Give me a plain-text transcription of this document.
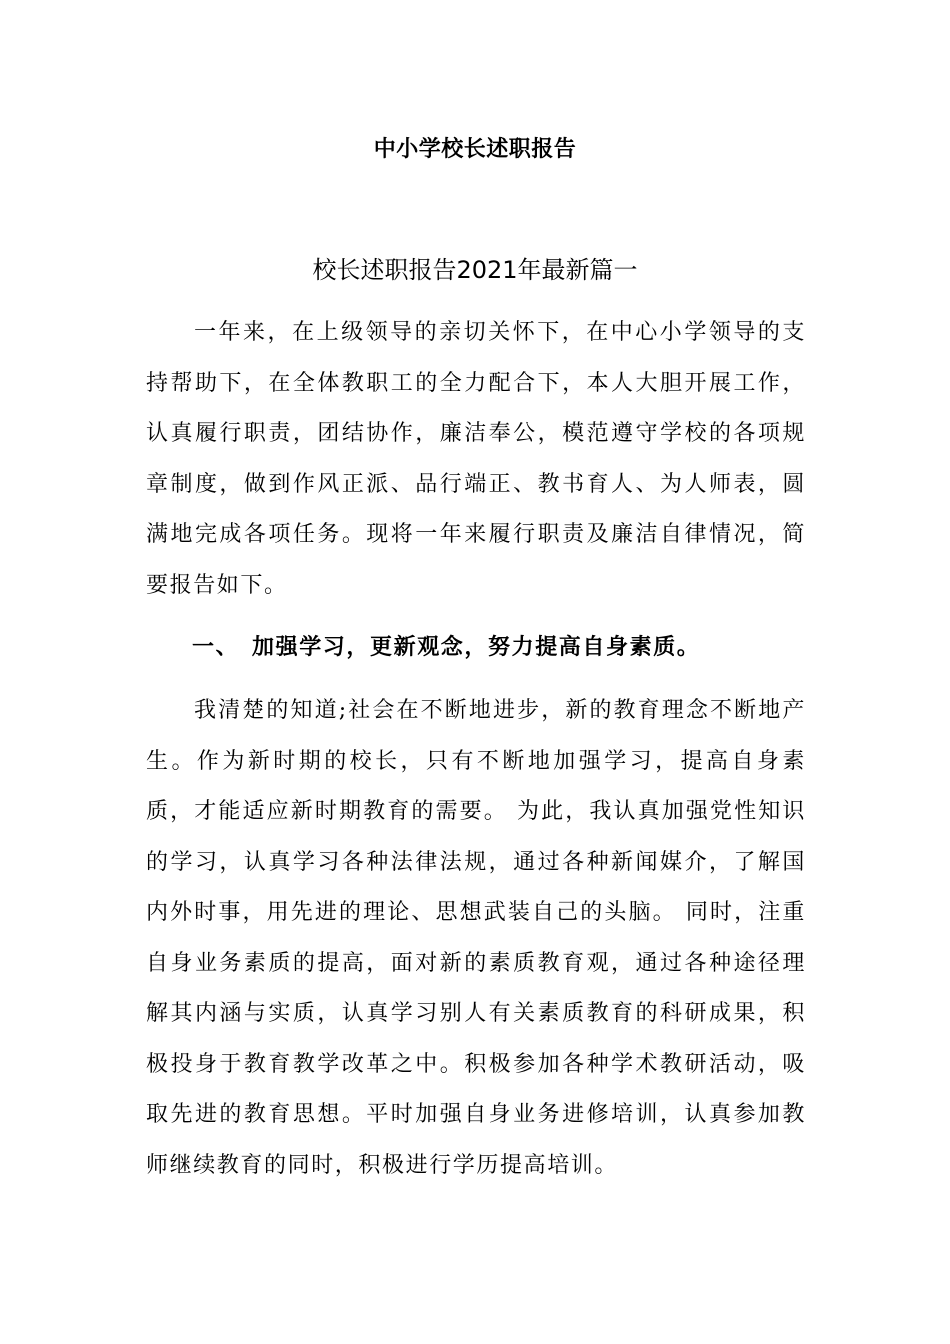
中小学校长述职报告
校长述职报告2021年最新篇一

一年来，在上级领导的亲切关怀下，在中心小学领导的支持帮助下，在全体教职工的全力配合下，本人大胆开展工作，认真履行职责，团结协作，廉洁奉公，模范遵守学校的各项规章制度，做到作风正派、品行端正、教书育人、为人师表，圆满地完成各项任务。现将一年来履行职责及廉洁自律情况，简要报告如下。

一、 加强学习，更新观念，努力提高自身素质。

我清楚的知道;社会在不断地进步，新的教育理念不断地产生。作为新时期的校长，只有不断地加强学习，提高自身素质，才能适应新时期教育的需要。 为此，我认真加强党性知识的学习，认真学习各种法律法规，通过各种新闻媒介，了解国内外时事，用先进的理论、思想武装自己的头脑。 同时，注重自身业务素质的提高，面对新的素质教育观，通过各种途径理解其内涵与实质，认真学习别人有关素质教育的科研成果，积极投身于教育教学改革之中。积极参加各种学术教研活动，吸取先进的教育思想。平时加强自身业务进修培训，认真参加教师继续教育的同时，积极进行学历提高培训。
